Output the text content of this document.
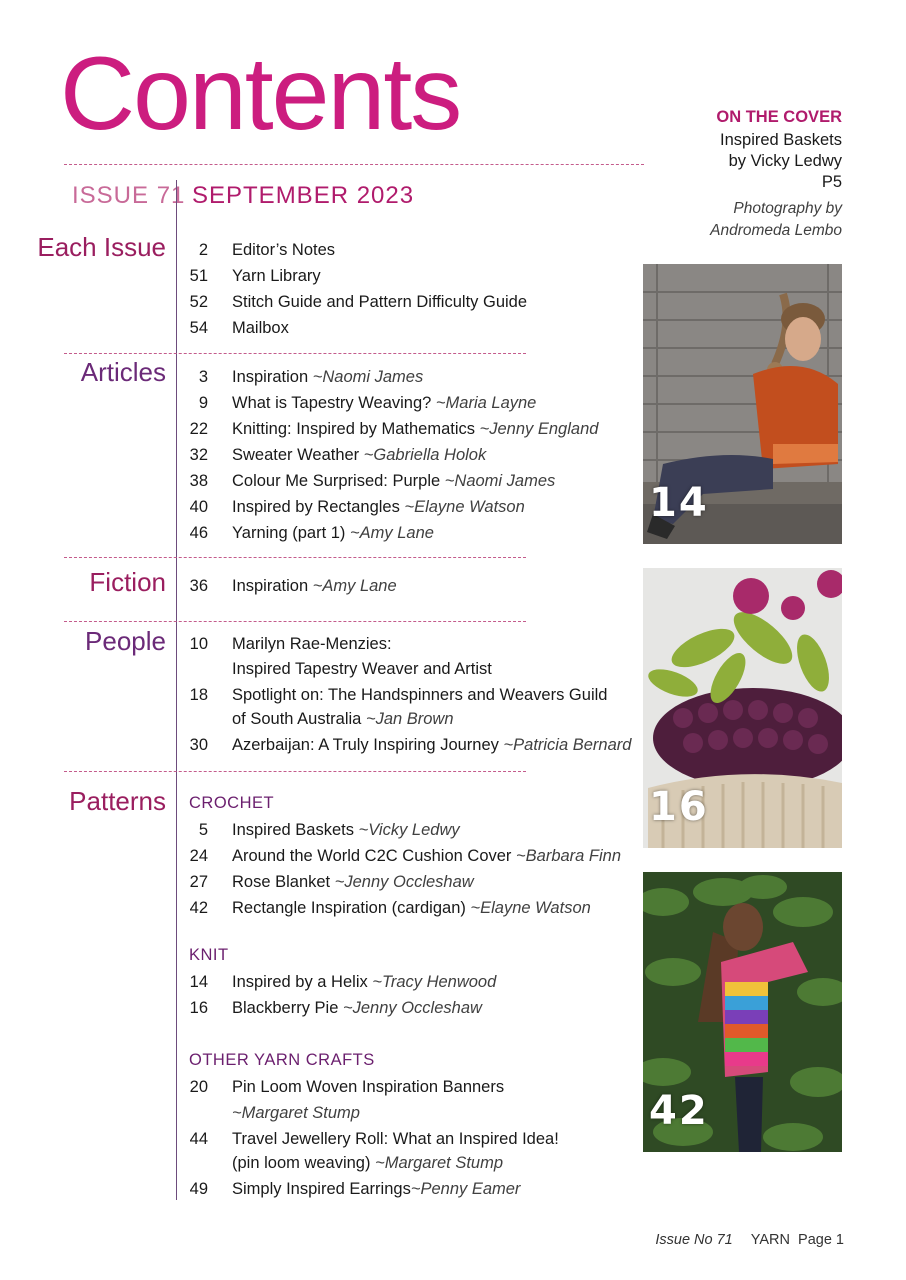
Contents
ISSUE 71 SEPTEMBER 2023
Each Issue	2 Editor’s Notes
51 Yarn Library
52 Stitch Guide and Pattern Difficulty Guide
54 Mailbox
Articles	3 Inspiration ~Naomi James
9 What is Tapestry Weaving? ~Maria Layne
22 Knitting: Inspired by Mathematics ~Jenny England
32 Sweater Weather ~Gabriella Holok
38 Colour Me Surprised: Purple ~Naomi James
40 Inspired by Rectangles ~Elayne Watson
46 Yarning (part 1) ~Amy Lane
Fiction 36 Inspiration ~Amy Lane
People 10 Marilyn Rae-Menzies:
Inspired Tapestry Weaver and Artist
18 Spotlight on: The Handspinners and Weavers Guild
of South Australia ~Jan Brown
30 Azerbaijan: A Truly Inspiring Journey ~Patricia Bernard
Patterns CROCHET
5 Inspired Baskets ~Vicky Ledwy
24 Around the World C2C Cushion Cover ~Barbara Finn
27 Rose Blanket ~Jenny Occleshaw
42 Rectangle Inspiration (cardigan) ~Elayne Watson
KNIT
14 Inspired by a Helix ~Tracy Henwood
16 Blackberry Pie ~Jenny Occleshaw
OTHER YARN CRAFTS
20 Pin Loom Woven Inspiration Banners
~Margaret Stump
44 Travel Jewellery Roll: What an Inspired Idea!
(pin loom weaving) ~Margaret Stump
49 Simply Inspired Earrings~Penny Eamer
ON THE COVER
Inspired Baskets
by Vicky Ledwy
P5
Photography by
Andromeda Lembo
14
16
42
Issue No 71 YARN Page 1
